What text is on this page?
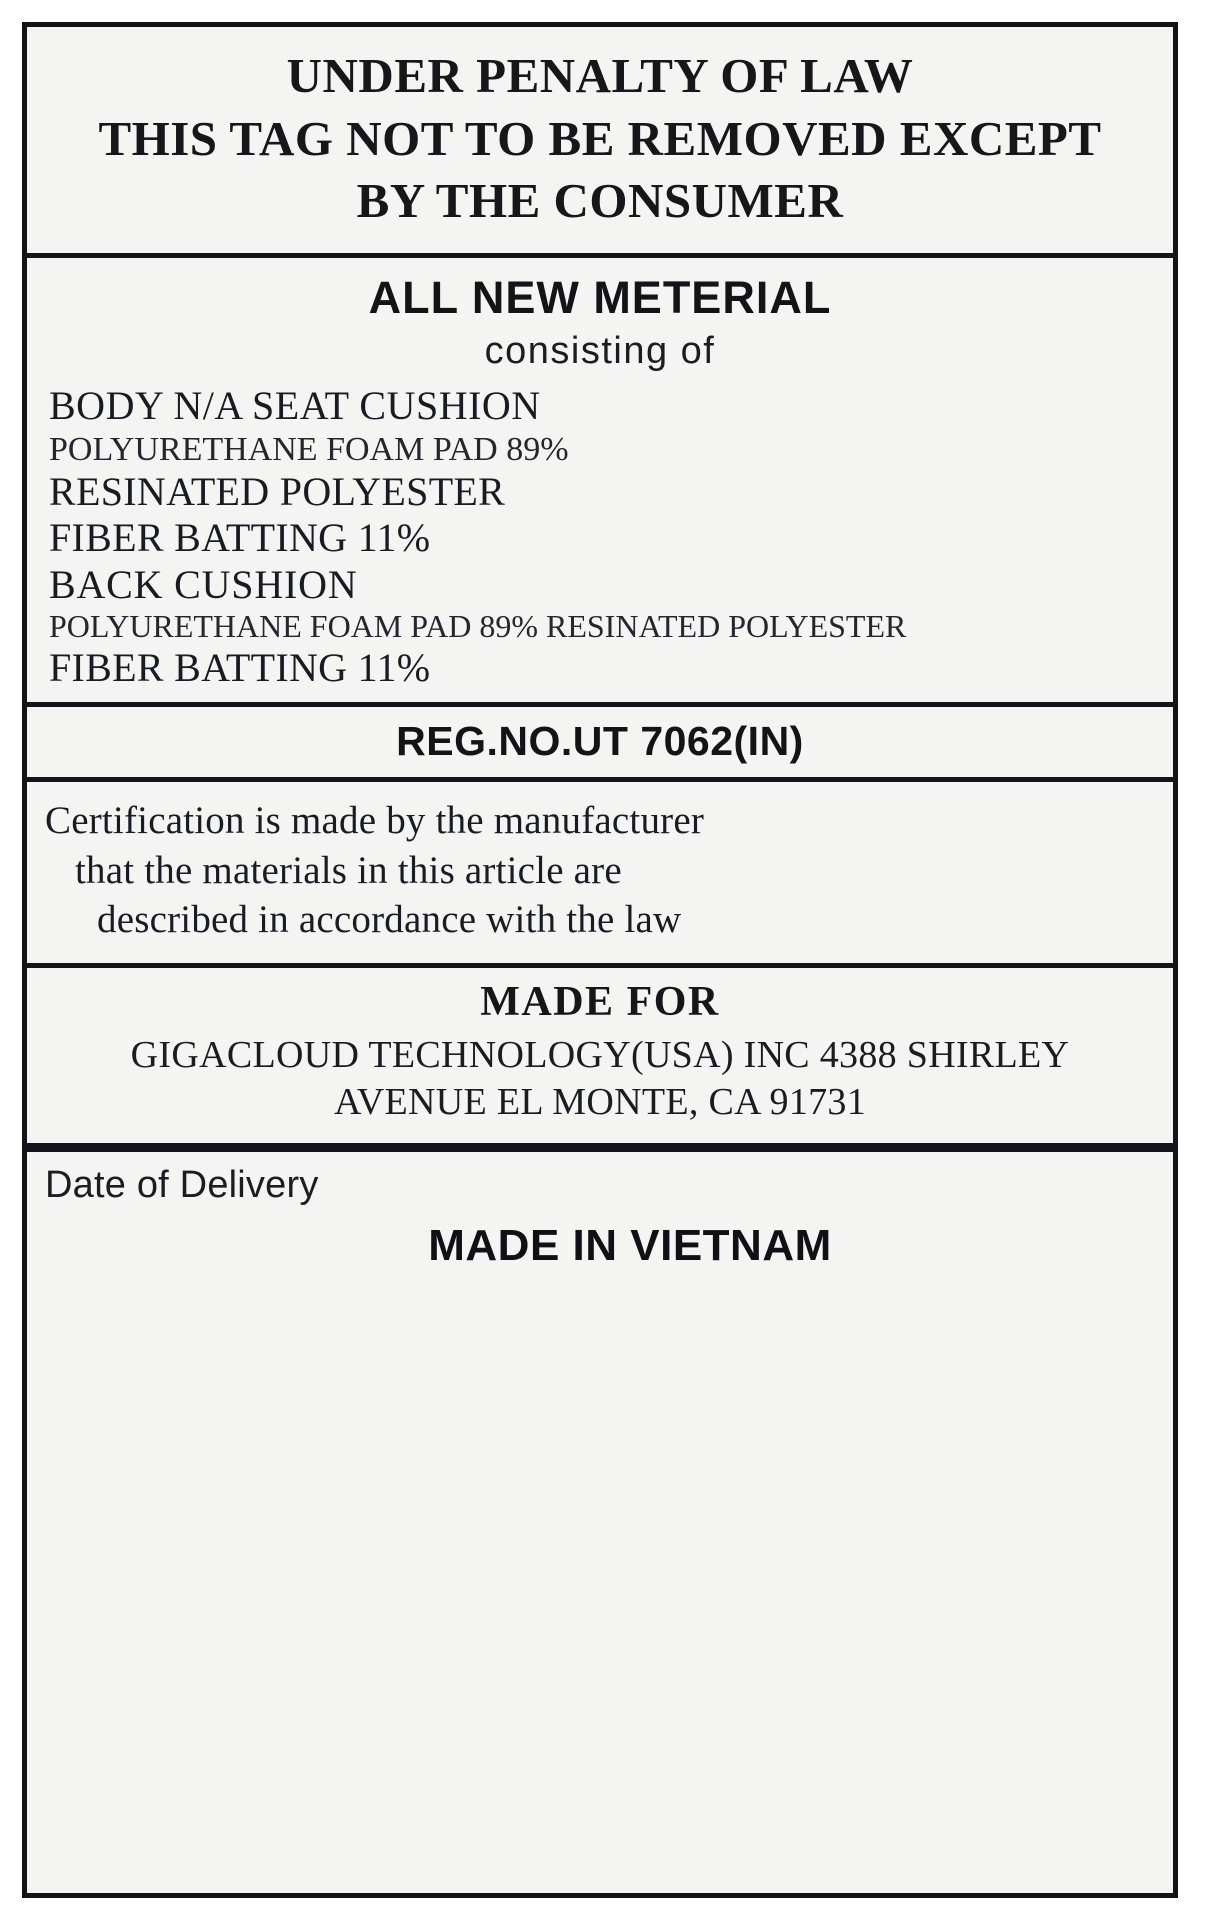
UNDER PENALTY OF LAW
THIS TAG NOT TO BE REMOVED EXCEPT
BY THE CONSUMER
ALL NEW METERIAL
consisting of
BODY N/A SEAT CUSHION
POLYURETHANE FOAM PAD 89%
RESINATED POLYESTER
FIBER BATTING 11%
BACK CUSHION
POLYURETHANE FOAM PAD 89% RESINATED POLYESTER
FIBER BATTING 11%
REG.NO.UT 7062(IN)
Certification is made by the manufacturer
that the materials in this article are
described in accordance with the law
MADE FOR
GIGACLOUD TECHNOLOGY(USA) INC 4388 SHIRLEY
AVENUE EL MONTE, CA 91731
Date of Delivery
MADE IN VIETNAM
